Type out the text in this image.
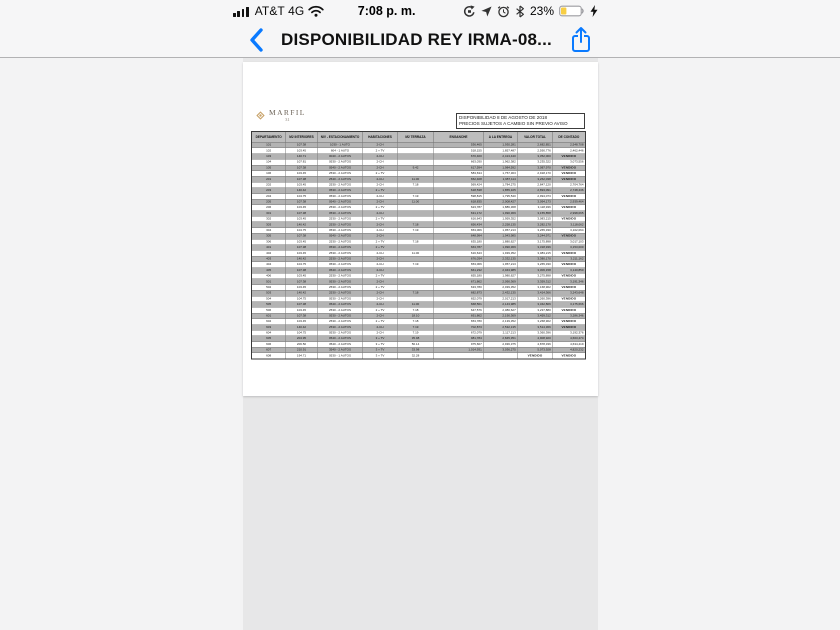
AT&T 4G	7:08 p. m.	23%
DISPONIBILIDAD REY IRMA-08...
MARFIL
31	DISPONIBILIDAD 8 DE AGOSTO DE 2018
PRECIOS SUJETOS A CAMBIO SIN PREVIO AVISO
DEPARTAMENTO	M2 INTERIORES	NIV - ESTACIONAMIENTO	HABITACIONES	M2 TERRAZA	ENGANCHE	A LA ENTREGA	VALOR TOTAL	DE CONTADO
101	107.38	1030 - 1 AUTO	2-CH		536,465	1,930,281	2,682,851	2,548,708
102	103.45	604 - 1 AUTO	2 + TV		518,155	1,857,487	2,590,776	2,462,446
103	140.71	0040 - 2 AUTOS	2-CH		670,400	2,413,440	3,352,000	VENDIDO
104	107.81	0530 - 2 AUTOS	2-CH		663,030	1,962,382	3,235,322	3,073,556
105	107.38	0540 - 2 AUTOS	2-CH	9.42	617,594	1,984,592	3,087,970	VENDIDO
106	103.45	2530 - 2 AUTOS	2 + TV		583,634	1,757,303	2,918,170	VENDIDO
201	107.38	2540 - 2 AUTOS	2-CH	11.00	652,408	1,987,114	3,262,038	VENDIDO
202	103.45	2530 - 2 AUTOS	2-CH	7.18	569,424	1,784,275	2,847,120	2,704,764
203	140.42	0530 - 2 AUTOS	2 + TV		618,538	1,855,105	2,893,091	2,748,436
204	104.75	0530 - 2 AUTOS	2-CH	7.19	598,815	1,795,540	2,994,073	VENDIDO
205	107.38	0540 - 2 AUTOS	2-CH	11.00	618,835	2,008,427	3,094,173	2,939,464
206	103.45	2530 - 2 AUTOS	2 + TV		623,787	1,886,368	3,118,936	VENDIDO
301	107.38	0530 - 2 AUTOS	2-CH		631,172	1,990,369	3,155,858	2,998,065
302	103.45	2530 - 2 AUTOS	2 + TV		616,643	1,959,352	3,083,215	VENDIDO
303	140.42	2530 - 2 AUTOS	2-CH	7.18	656,434	2,258,135	3,282,170	3,118,062
304	104.75	0530 - 2 AUTOS	2-CH	7.19	653,066	1,957,213	3,265,330	3,102,064
305	107.38	0540 - 2 AUTOS	2-CH		648,994	1,943,985	3,244,971	VENDIDO
306	103.45	2530 - 2 AUTOS	2 + TV	7.18	635,180	1,880,627	3,175,898	3,017,103
401	107.38	0530 - 2 AUTOS	2 + TV		663,787	1,990,369	3,318,936	3,153,000
402	103.45	2530 - 2 AUTOS	2-CH	11.00	616,643	1,939,352	3,083,215	VENDIDO
403	140.42	2530 - 2 AUTOS	2-CH		676,034	2,332,135	3,380,170	3,211,162
404	104.75	0530 - 2 AUTOS	2-CH	7.19	653,066	1,957,213	3,265,330	VENDIDO
405	107.38	0540 - 2 AUTOS	2-CH		661,232	2,043,985	3,306,158	3,140,850
406	103.45	2530 - 2 AUTOS	2 + TV		655,180	1,980,627	3,275,898	VENDIDO
501	107.38	0530 - 2 AUTOS	2-CH		671,862	2,090,369	3,359,312	3,191,346
502	103.45	2530 - 2 AUTOS	2 + TV		633,780	2,039,352	3,168,902	VENDIDO
503	140.42	2530 - 2 AUTOS	2-CH	7.18	682,873	2,432,135	3,414,366	3,243,648
504	104.75	0530 - 2 AUTOS	2-CH		652,079	2,017,213	3,260,396	VENDIDO
505	107.38	0540 - 2 AUTOS	2-CH	11.00	668,561	2,143,985	3,342,806	3,175,666
506	103.45	2530 - 2 AUTOS	2 + TV	7.18	647,576	2,080,627	3,237,880	VENDIDO
601	107.38	0530 - 2 AUTOS	2-CH	18.10	691,862	2,190,369	3,459,312	3,286,346
602	103.45	2530 - 2 AUTOS	2 + TV	7.18	653,780	2,139,352	3,268,902	VENDIDO
603	140.42	2530 - 2 AUTOS	2-CH	7.19	702,873	2,532,135	3,514,366	VENDIDO
604	104.75	0530 - 2 AUTOS	2-CH	7.19	672,079	2,117,213	3,360,396	3,192,376
605	204.95	0540 - 2 AUTOS	3 + TV	35.98	981,784	2,845,351	4,908,920	4,663,474
606	206.50	3540 - 2 AUTOS	3 + TV	56.14	975,667	2,936,375	4,878,336	4,634,419
607	210.91	3540 - 2 AUTOS	3 + TV	33.98	1,014,931	3,036,275	5,073,928	4,820,232
608	194.71	0530 - 1 AUTOS	3 + TV	32.28			VENDIDO	VENDIDO
